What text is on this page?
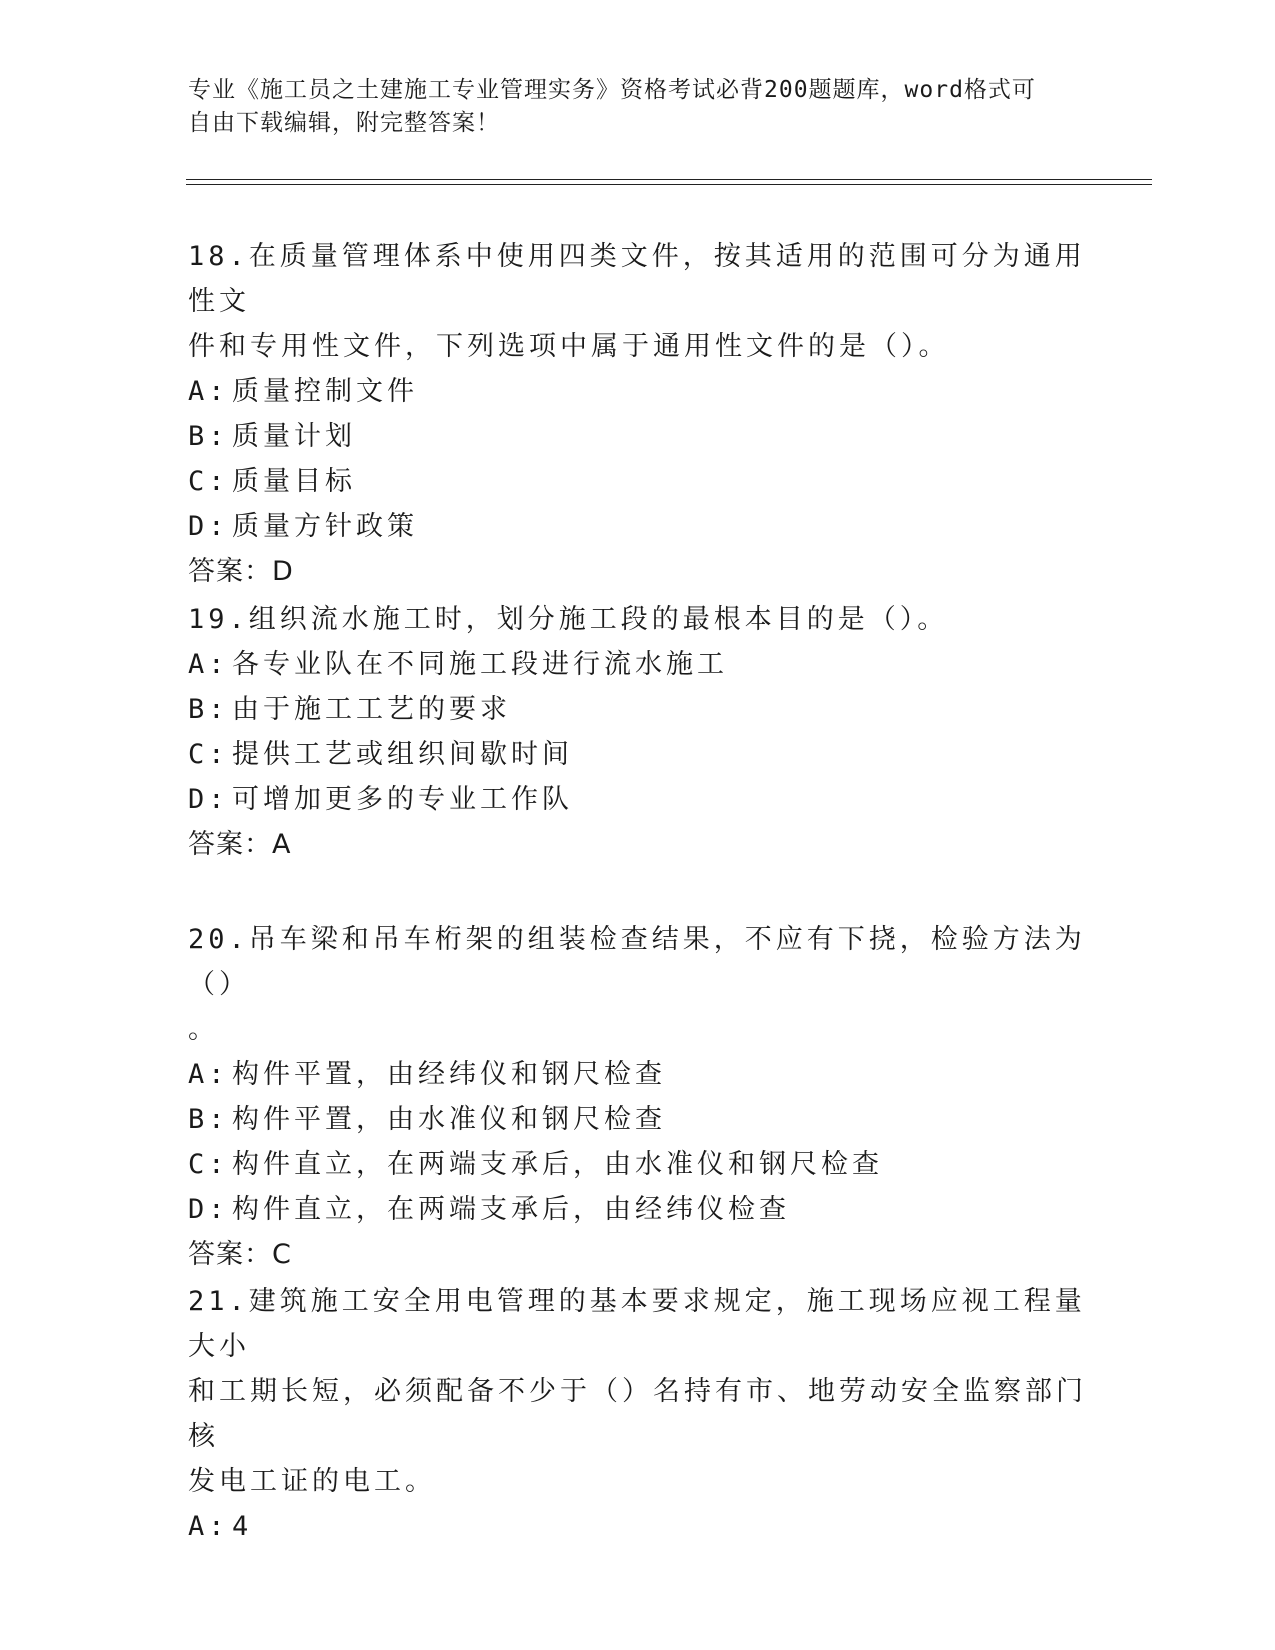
专业《施工员之土建施工专业管理实务》资格考试必背200题题库，word格式可
自由下载编辑，附完整答案！

18.在质量管理体系中使用四类文件，按其适用的范围可分为通用性文

件和专用性文件，下列选项中属于通用性文件的是（）。

A: 质量控制文件

B: 质量计划

C: 质量目标

D: 质量方针政策

答案：D

19.组织流水施工时，划分施工段的最根本目的是（）。

A: 各专业队在不同施工段进行流水施工

B: 由于施工工艺的要求

C: 提供工艺或组织间歇时间

D: 可增加更多的专业工作队

答案：A

20.吊车梁和吊车桁架的组装检查结果，不应有下挠，检验方法为（）

。

A: 构件平置，由经纬仪和钢尺检查

B: 构件平置，由水准仪和钢尺检查

C: 构件直立，在两端支承后，由水准仪和钢尺检查

D: 构件直立，在两端支承后，由经纬仪检查

答案：C

21.建筑施工安全用电管理的基本要求规定，施工现场应视工程量大小

和工期长短，必须配备不少于（）名持有市、地劳动安全监察部门核

发电工证的电工。

A: 4
